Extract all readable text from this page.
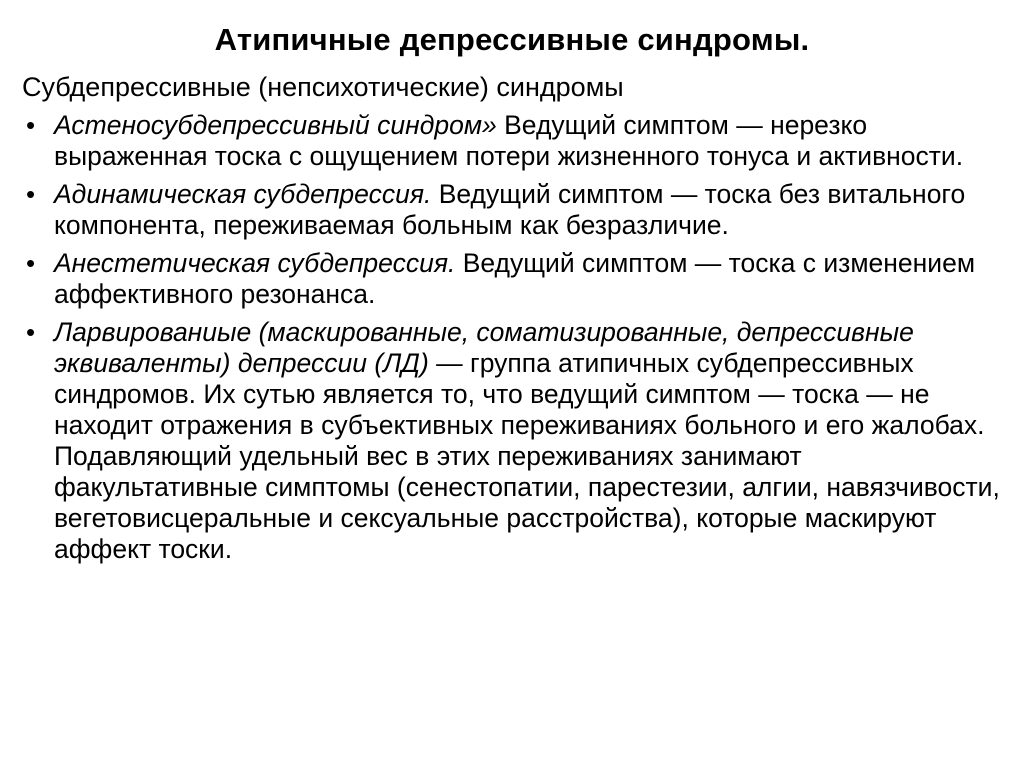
Атипичные депрессивные синдромы.
Субдепрессивные (непсихотические) синдромы
• Астеносубдепрессивный синдром» Ведущий симптом — нерезко выраженная тоска с ощущением потери жизненного тонуса и активности.
• Адинамическая субдепрессия. Ведущий симптом — тоска без витального компонента, переживаемая больным как безразличие.
• Анестетическая субдепрессия. Ведущий симптом — тоска с изменением аффективного резонанса.
• Ларвированиые (маскированные, соматизированные, депрессивные эквиваленты) депрессии (ЛД) — группа атипичных субдепрессивных синдромов. Их сутью является то, что ведущий симптом — тоска — не находит отражения в субъективных переживаниях больного и его жалобах. Подавляющий удельный вес в этих переживаниях занимают факультативные симптомы (сенестопатии, парестезии, алгии, навязчивости, вегетовисцеральные и сексуальные расстройства), которые маскируют аффект тоски.
